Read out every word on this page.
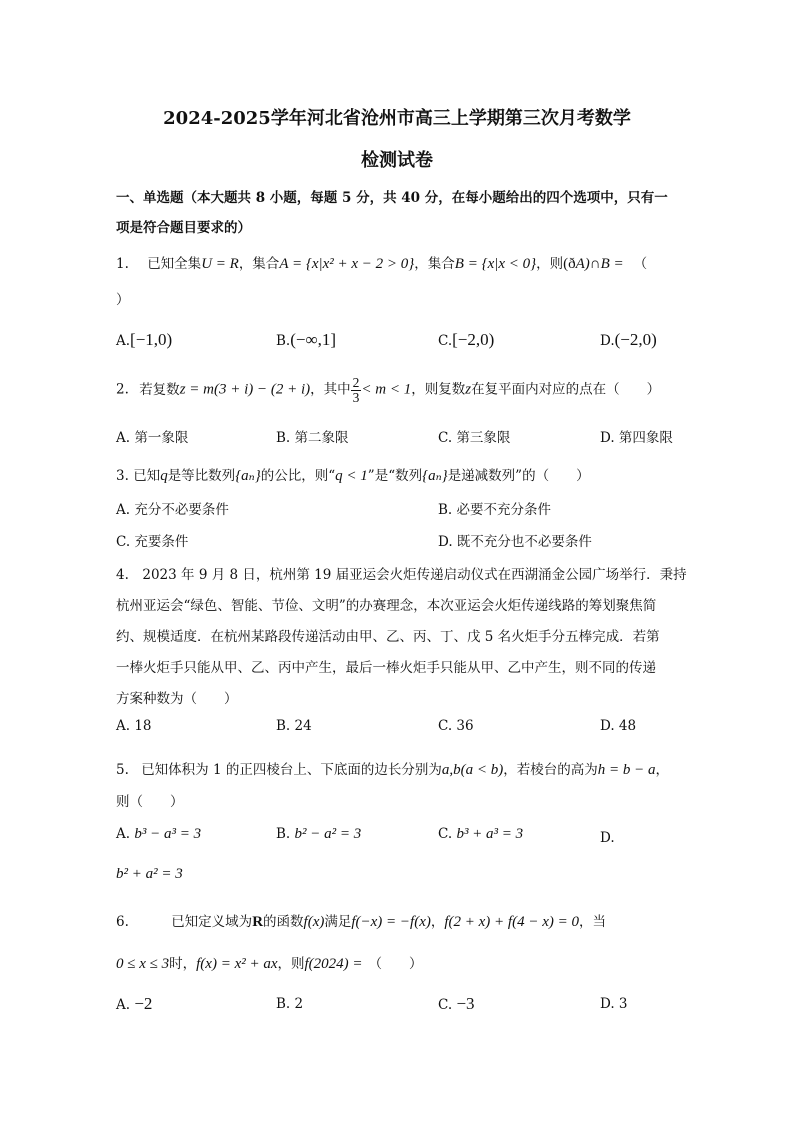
2024-2025学年河北省沧州市高三上学期第三次月考数学
检测试卷
一、单选题（本大题共 8 小题，每题 5 分，共 40 分，在每小题给出的四个选项中，只有一
项是符合题目要求的）
1. 已知全集U = R，集合A = {x|x² + x − 2 > 0}，集合B = {x|x < 0}，则(ðA)∩B = （
）
A.[−1,0)	B.(−∞,1]	C.[−2,0)	D.(−2,0)
2. 若复数z = m(3 + i) − (2 + i)，其中 $\frac{2}{3} < m < 1$，则复数z在复平面内对应的点在（　　）
A. 第一象限	B. 第二象限	C. 第三象限	D. 第四象限
3. 已知q是等比数列{aₙ}的公比，则“q < 1”是“数列{aₙ}是递减数列”的（　　）
A. 充分不必要条件	B. 必要不充分条件
C. 充要条件	D. 既不充分也不必要条件
4.　2023 年 9 月 8 日，杭州第 19 届亚运会火炬传递启动仪式在西湖涌金公园广场举行．秉持
杭州亚运会“绿色、智能、节俭、文明”的办赛理念，本次亚运会火炬传递线路的筹划聚焦简
约、规模适度．在杭州某路段传递活动由甲、乙、丙、丁、戊 5 名火炬手分五棒完成．若第
一棒火炬手只能从甲、乙、丙中产生，最后一棒火炬手只能从甲、乙中产生，则不同的传递
方案种数为（　　）
A. 18	B. 24	C. 36	D. 48
5. 已知体积为 1 的正四棱台上、下底面的边长分别为a,b(a < b)，若棱台的高为h = b − a，
则（　　）
A. b³ − a³ = 3	B. b² − a² = 3	C. b³ + a³ = 3	D.
b² + a² = 3
6.	已知定义域为R的函数f(x)满足f(−x) = −f(x)，f(2 + x) + f(4 − x) = 0，当
0 ≤ x ≤ 3时，f(x) = x² + ax，则f(2024) = （　　）
A. −2	B. 2	C. −3	D. 3
